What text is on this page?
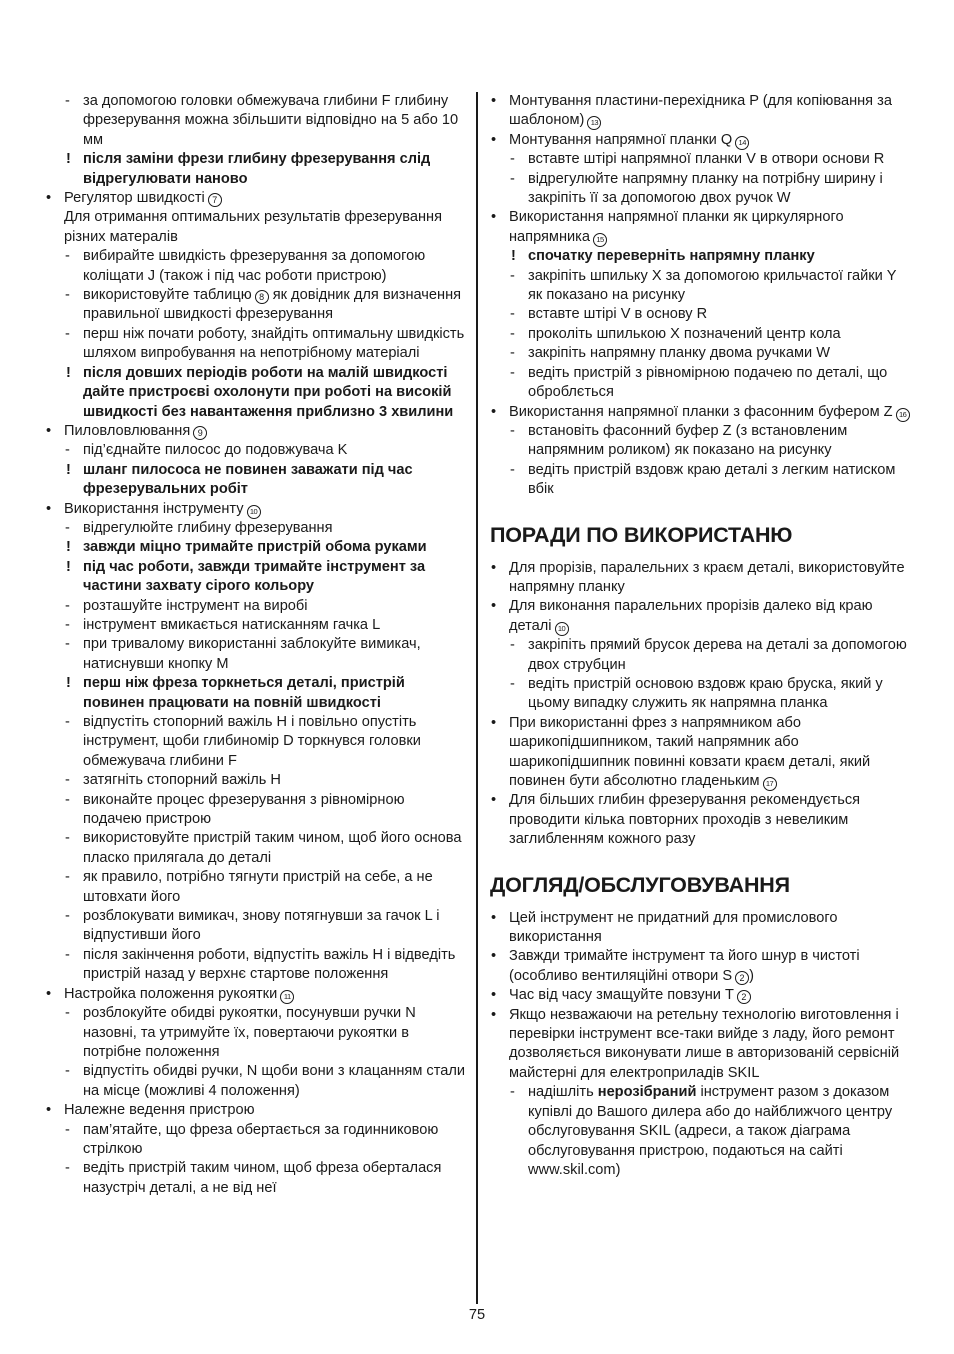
- за допомогою головки обмежувача глибини F глибину фрезерування можна збільшити відповідно на 5 або 10 мм
! після заміни фрези глибину фрезерування слід відрегулювати наново
• Регулятор швидкості 7
Для отримання оптимальних результатів фрезерування різних матералів
- вибирайте швидкість фрезерування за допомогою коліщати J (також і під час роботи пристрою)
- використовуйте таблицю 8 як довідник для визначення правильної швидкості фрезерування
- перш ніж почати роботу, знайдіть оптимальну швидкість шляхом випробування на непотрібному матеріалі
! після довших періодів роботи на малій швидкості дайте пристроєві охолонути при роботі на високій швидкості без навантаження приблизно 3 хвилини
• Пиловловлювання 9
- під’єднайте пилосос до подовжувача K
! шланг пилососа не повинен заважати під час фрезерувальних робіт
• Використання інструменту 10
- відрегулюйте глибину фрезерування
! завжди міцно тримайте пристрій обома руками
! під час роботи, завжди тримайте інструмент за частини захвату сірого кольору
- розташуйте інструмент на виробі
- інструмент вмикається натисканням гачка L
- при тривалому використанні заблокуйте вимикач, натиснувши кнопку M
! перш ніж фреза торкнеться деталі, пристрій повинен працювати на повній швидкості
- відпустіть стопорний важіль H і повільно опустіть інструмент, щоби глибиномір D торкнувся головки обмежувача глибини F
- затягніть стопорний важіль H
- виконайте процес фрезерування з рівномірною подачею пристрою
- використовуйте пристрій таким чином, щоб його основа пласко прилягала до деталі
- як правило, потрібно тягнути пристрій на себе, а не штовхати його
- розблокувати вимикач, знову потягнувши за гачок L і відпустивши його
- після закінчення роботи, відпустіть важіль H і відведіть пристрій назад у верхнє стартове положення
• Настройка положення рукоятки 11
- розблокуйте обидві рукоятки, посунувши ручки N назовні, та утримуйте їх, повертаючи рукоятки в потрібне положення
- відпустіть обидві ручки, N щоби вони з клацанням стали на місце (можливі 4 положення)
• Належне ведення пристрою
- пам’ятайте, що фреза обертається за годинниковою стрілкою
- ведіть пристрій таким чином, щоб фреза оберталася назустріч деталі, а не від неї
• Монтування пластини-перехідника P (для копіювання за шаблоном) 13
• Монтування напрямної планки Q 14
- вставте штірі напрямної планки V в отвори основи R
- відрегулюйте напрямну планку на потрібну ширину і закріпіть її за допомогою двох ручок W
• Використання напрямної планки як циркулярного напрямника 15
! спочатку переверніть напрямну планку
- закріпіть шпильку X за допомогою крильчастої гайки Y як показано на рисунку
- вставте штірі V в основу R
- проколіть шпилькою X позначений центр кола
- закріпіть напрямну планку двома ручками W
- ведіть пристрій з рівномірною подачею по деталі, що оброблється
• Використання напрямної планки з фасонним буфером Z 16
- встановіть фасонний буфер Z (з встановленим напрямним роликом) як показано на рисунку
- ведіть пристрій вздовж краю деталі з легким натиском вбік
ПОРАДИ ПО ВИКОРИСТАНЮ
• Для прорізів, паралельних з краєм деталі, використовуйте напрямну планку
• Для виконання паралельних прорізів далеко від краю деталі 10
- закріпіть прямий брусок дерева на деталі за допомогою двох струбцин
- ведіть пристрій основою вздовж краю бруска, який у цьому випадку служить як напрямна планка
• При використанні фрез з напрямником або шарикопідшипником, такий напрямник або шарикопідшипник повинні ковзати краєм деталі, який повинен бути абсолютно гладеньким 17
• Для більших глибин фрезерування рекомендується проводити кілька повторних проходів з невеликим заглибленням кожного разу
ДОГЛЯД/ОБСЛУГОВУВАННЯ
• Цей інструмент не придатний для промислового використання
• Завжди тримайте інструмент та його шнур в чистоті (особливо вентиляційні отвори S 2 )
• Час від часу змащуйте повзуни T 2
• Якщо незважаючи на ретельну технологію виготовлення і перевірки інструмент все-таки вийде з ладу, його ремонт дозволяється виконувати лише в авторизованій сервісній майстерні для електроприладів SKIL
- надішліть нерозібраний інструмент разом з доказом купівлі до Вашого дилера або до найближчого центру обслуговування SKIL (адреси, а також діаграма обслуговування пристрою, подаються на сайті www.skil.com)
75
